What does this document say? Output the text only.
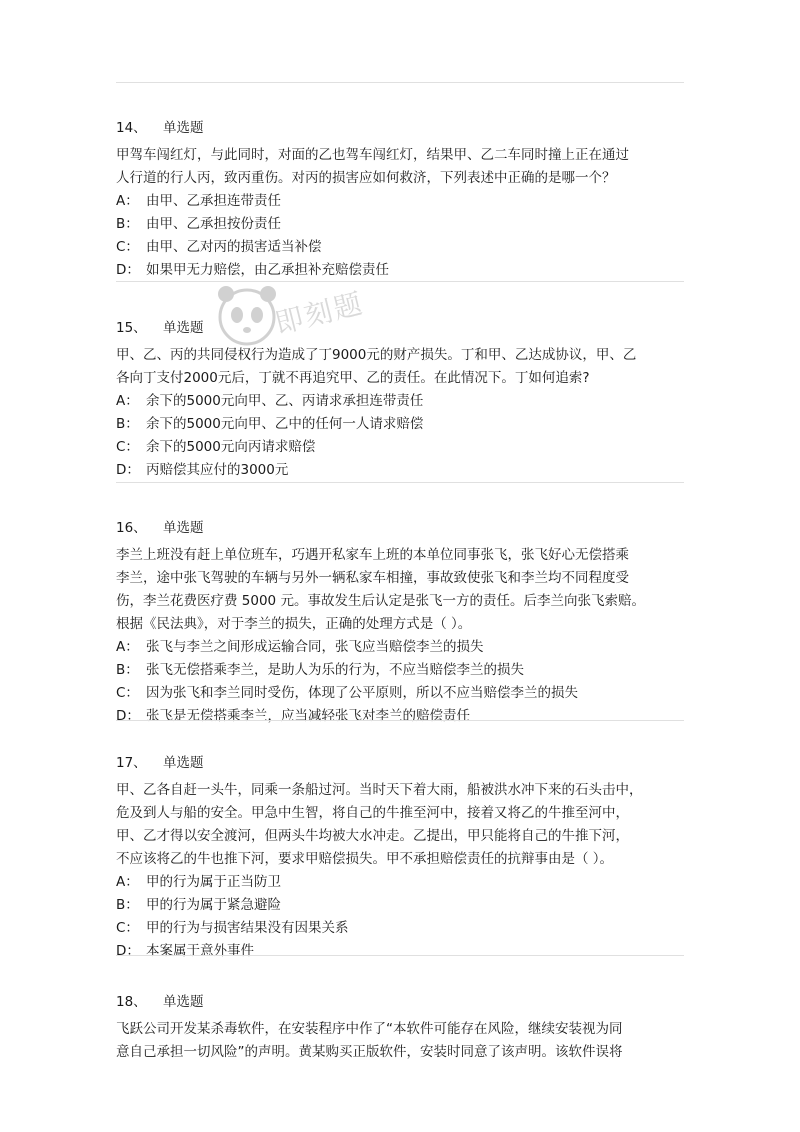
14、 单选题
甲驾车闯红灯，与此同时，对面的乙也驾车闯红灯，结果甲、乙二车同时撞上正在通过
人行道的行人丙，致丙重伤。对丙的损害应如何救济，下列表述中正确的是哪一个？
A： 由甲、乙承担连带责任
B： 由甲、乙承担按份责任
C： 由甲、乙对丙的损害适当补偿
D： 如果甲无力赔偿，由乙承担补充赔偿责任
15、 单选题
甲、乙、丙的共同侵权行为造成了丁9000元的财产损失。丁和甲、乙达成协议，甲、乙
各向丁支付2000元后，丁就不再追究甲、乙的责任。在此情况下。丁如何追索?
A： 余下的5000元向甲、乙、丙请求承担连带责任
B： 余下的5000元向甲、乙中的任何一人请求赔偿
C： 余下的5000元向丙请求赔偿
D： 丙赔偿其应付的3000元
16、 单选题
李兰上班没有赶上单位班车，巧遇开私家车上班的本单位同事张飞，张飞好心无偿搭乘
李兰，途中张飞驾驶的车辆与另外一辆私家车相撞，事故致使张飞和李兰均不同程度受
伤，李兰花费医疗费 5000 元。事故发生后认定是张飞一方的责任。后李兰向张飞索赔。
根据《民法典》，对于李兰的损失，正确的处理方式是（ ）。
A： 张飞与李兰之间形成运输合同，张飞应当赔偿李兰的损失
B： 张飞无偿搭乘李兰，是助人为乐的行为，不应当赔偿李兰的损失
C： 因为张飞和李兰同时受伤，体现了公平原则，所以不应当赔偿李兰的损失
D： 张飞是无偿搭乘李兰，应当减轻张飞对李兰的赔偿责任
17、 单选题
甲、乙各自赶一头牛，同乘一条船过河。当时天下着大雨，船被洪水冲下来的石头击中，
危及到人与船的安全。甲急中生智，将自己的牛推至河中，接着又将乙的牛推至河中，
甲、乙才得以安全渡河，但两头牛均被大水冲走。乙提出，甲只能将自己的牛推下河，
不应该将乙的牛也推下河，要求甲赔偿损失。甲不承担赔偿责任的抗辩事由是（ ）。
A： 甲的行为属于正当防卫
B： 甲的行为属于紧急避险
C： 甲的行为与损害结果没有因果关系
D： 本案属于意外事件
18、 单选题
飞跃公司开发某杀毒软件，在安装程序中作了“本软件可能存在风险，继续安装视为同
意自己承担一切风险”的声明。黄某购买正版软件，安装时同意了该声明。该软件误将
即刻题
